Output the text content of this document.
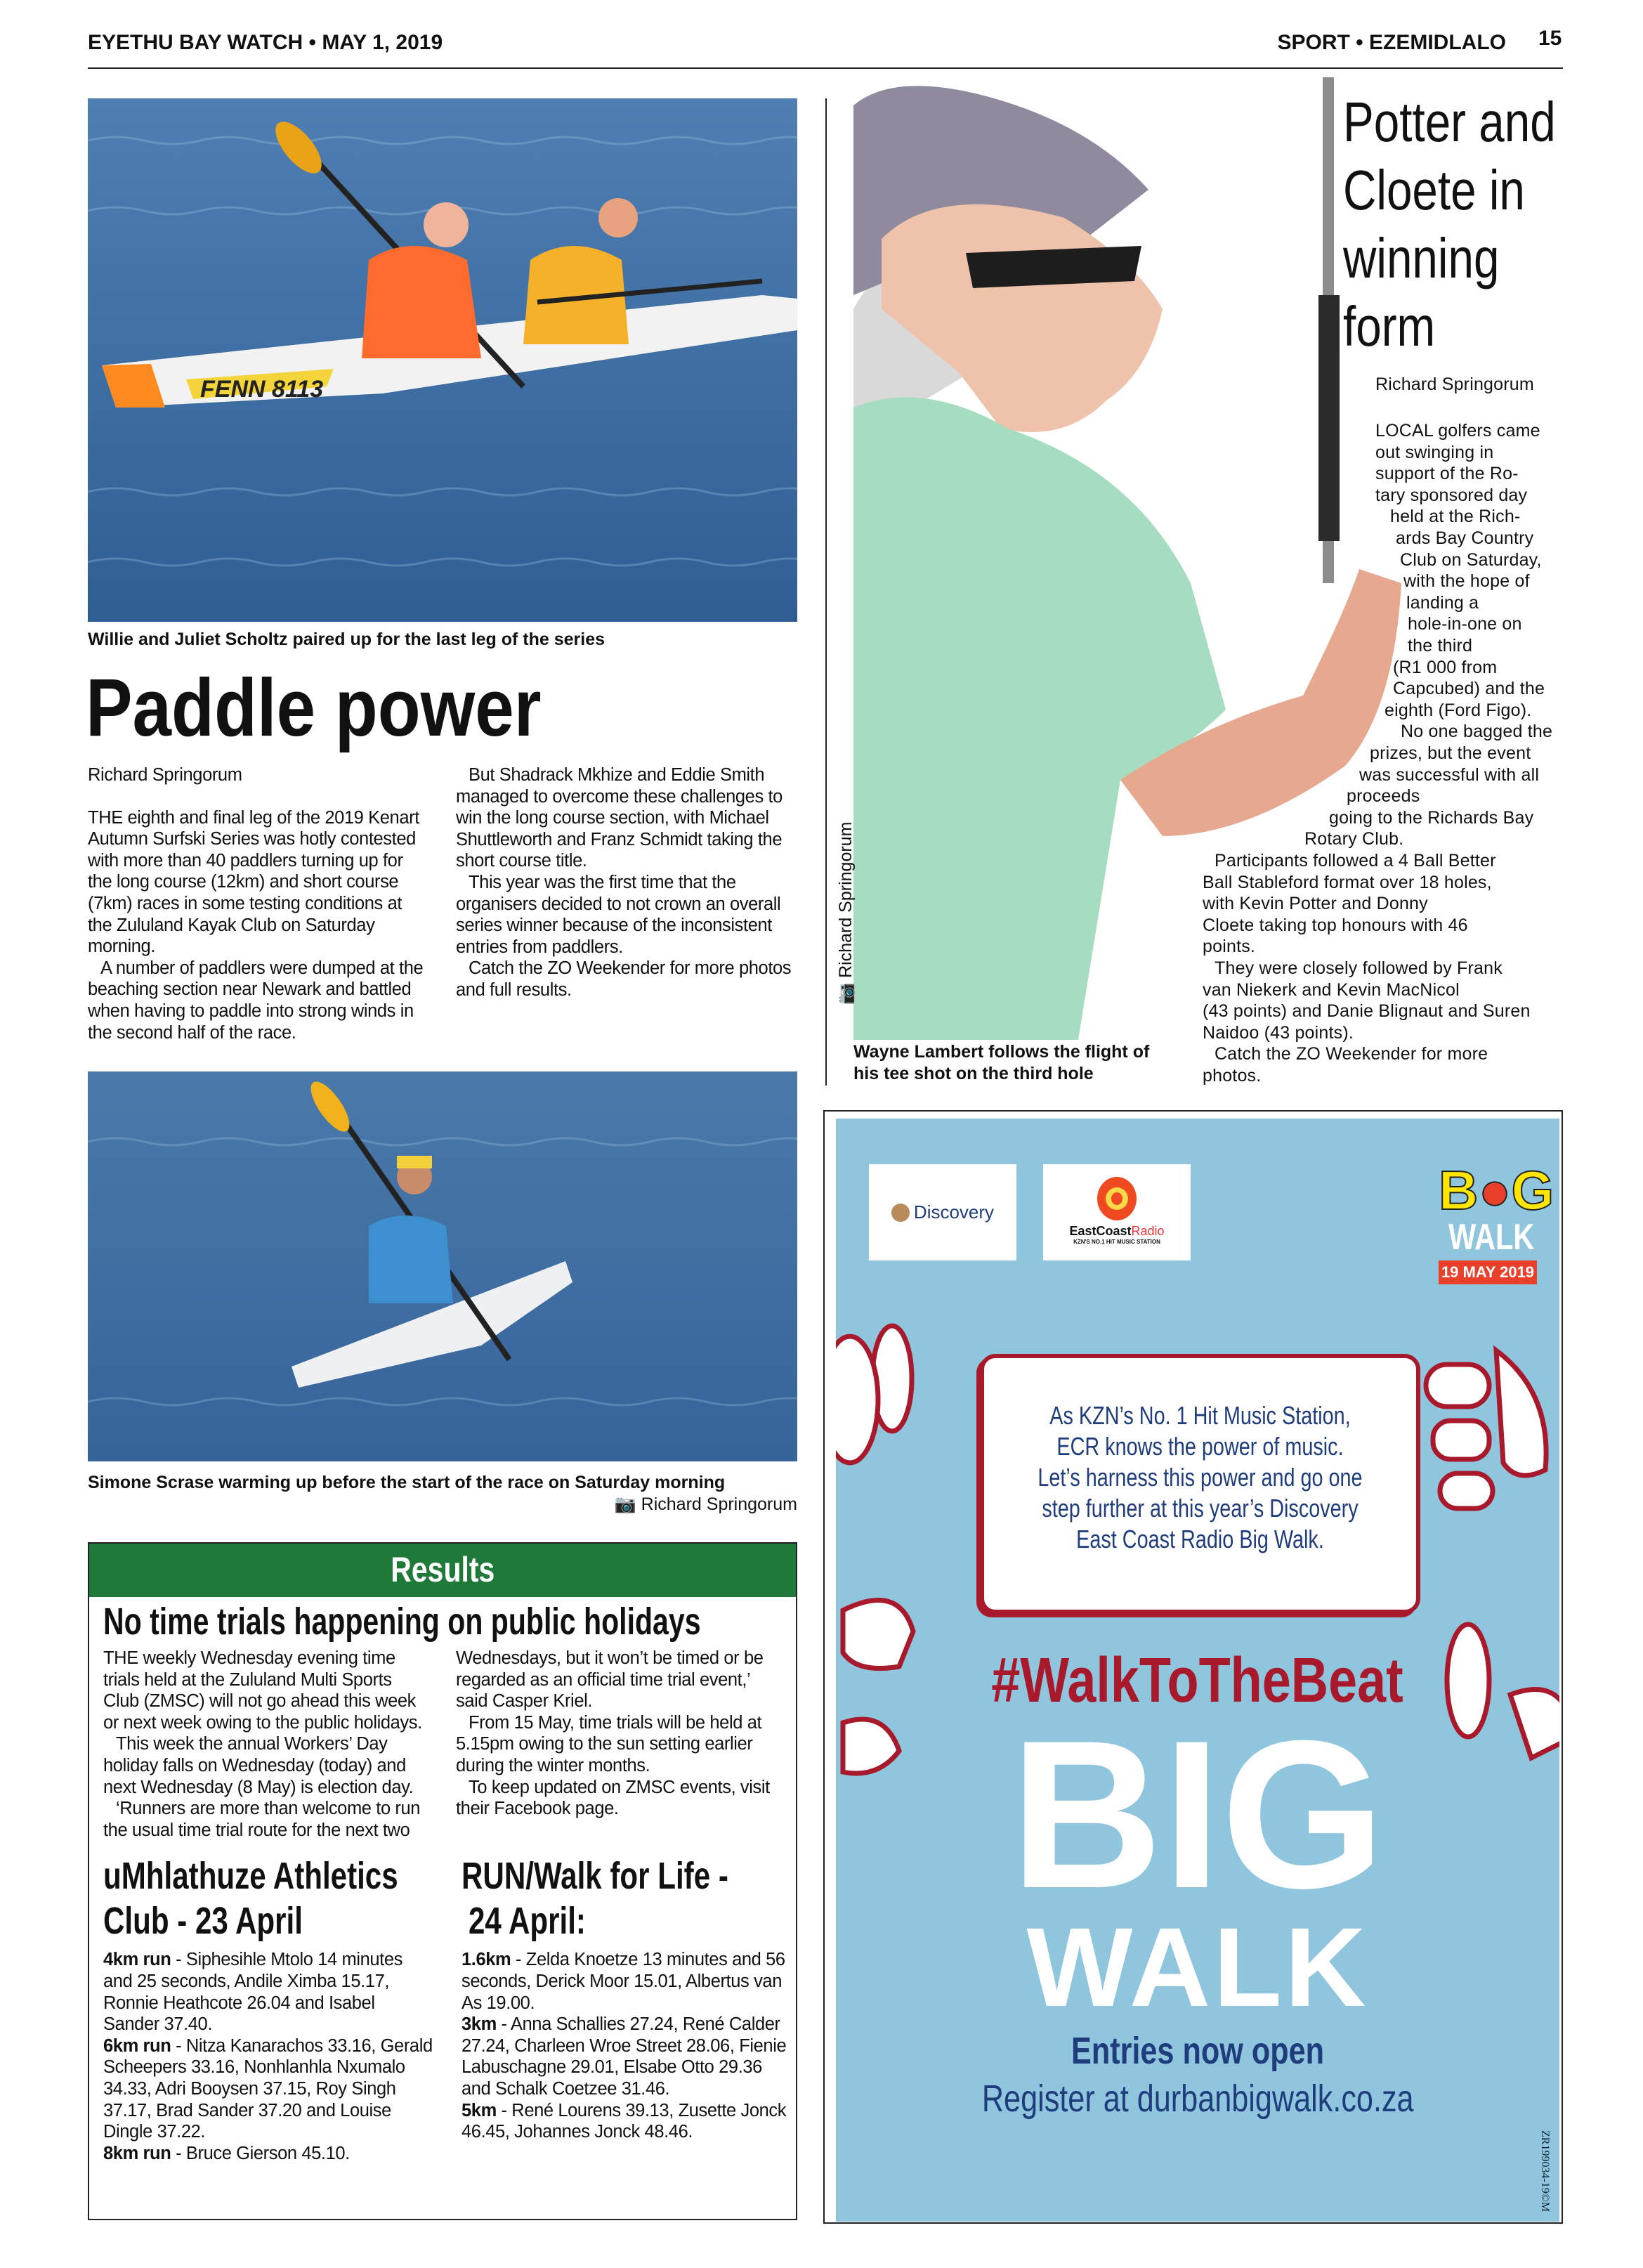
EYETHU BAY WATCH • MAY 1, 2019	SPORT • EZEMIDLALO 15
FENN 8113
Willie and Juliet Scholtz paired up for the last leg of the series
Paddle power

Richard Springorum

THE eighth and final leg of the 2019 Kenart Autumn Surfski Series was hotly contested with more than 40 paddlers turning up for the long course (12km) and short course (7km) races in some testing conditions at the Zululand Kayak Club on Saturday morning.

A number of paddlers were dumped at the beaching section near Newark and battled when having to paddle into strong winds in the second half of the race.

But Shadrack Mkhize and Eddie Smith managed to overcome these challenges to win the long course section, with Michael Shuttleworth and Franz Schmidt taking the short course title.

This year was the first time that the organisers decided to not crown an overall series winner because of the inconsistent entries from paddlers.

Catch the ZO Weekender for more photos and full results.

Simone Scrase warming up before the start of the race on Saturday morning
📷 Richard Springorum
Results
No time trials happening on public holidays

THE weekly Wednesday evening time trials held at the Zululand Multi Sports Club (ZMSC) will not go ahead this week or next week owing to the public holidays.

This week the annual Workers’ Day holiday falls on Wednesday (today) and next Wednesday (8 May) is election day.

‘Runners are more than welcome to run the usual time trial route for the next two Wednesdays, but it won’t be timed or be regarded as an official time trial event,’ said Casper Kriel.

From 15 May, time trials will be held at 5.15pm owing to the sun setting earlier during the winter months.

To keep updated on ZMSC events, visit their Facebook page.

uMhlathuze Athletics
Club - 23 April

4km run - Siphesihle Mtolo 14 minutes and 25 seconds, Andile Ximba 15.17, Ronnie Heathcote 26.04 and Isabel Sander 37.40.

6km run - Nitza Kanarachos 33.16, Gerald Scheepers 33.16, Nonhlanhla Nxumalo 34.33, Adri Booysen 37.15, Roy Singh 37.17, Brad Sander 37.20 and Louise Dingle 37.22.

8km run - Bruce Gierson 45.10.

RUN/Walk for Life -
24 April:

1.6km - Zelda Knoetze 13 minutes and 56 seconds, Derick Moor 15.01, Albertus van As 19.00.

3km - Anna Schallies 27.24, René Calder 27.24, Charleen Wroe Street 28.06, Fienie Labuschagne 29.01, Elsabe Otto 29.36 and Schalk Coetzee 31.46.

5km - René Lourens 39.13, Zusette Jonck 46.45, Johannes Jonck 48.46.

📷 Richard Springorum
Wayne Lambert follows the flight of his tee shot on the third hole
Potter and
Cloete in
winning
form
Richard Springorum
LOCAL golfers came
out swinging in
support of the Ro-
tary sponsored day
held at the Rich-
ards Bay Country
Club on Saturday,
with the hope of
landing a
hole-in-one on
the third
(R1 000 from
Capcubed) and the
eighth (Ford Figo).
No one bagged the
prizes, but the event
was successful with all
proceeds
going to the Richards Bay
Rotary Club.
Participants followed a 4 Ball Better
Ball Stableford format over 18 holes,
with Kevin Potter and Donny
Cloete taking top honours with 46
points.
They were closely followed by Frank
van Niekerk and Kevin MacNicol
(43 points) and Danie Blignaut and Suren
Naidoo (43 points).
Catch the ZO Weekender for more
photos.
Discovery
EastCoastRadio
KZN'S NO.1 HIT MUSIC STATION
B●G
WALK
19 MAY 2019
As KZN’s No. 1 Hit Music Station,
ECR knows the power of music.
Let’s harness this power and go one
step further at this year’s Discovery
East Coast Radio Big Walk.
#WalkToTheBeat
BIG
WALK
Entries now open
Register at durbanbigwalk.co.za
ZR199034-19©M
